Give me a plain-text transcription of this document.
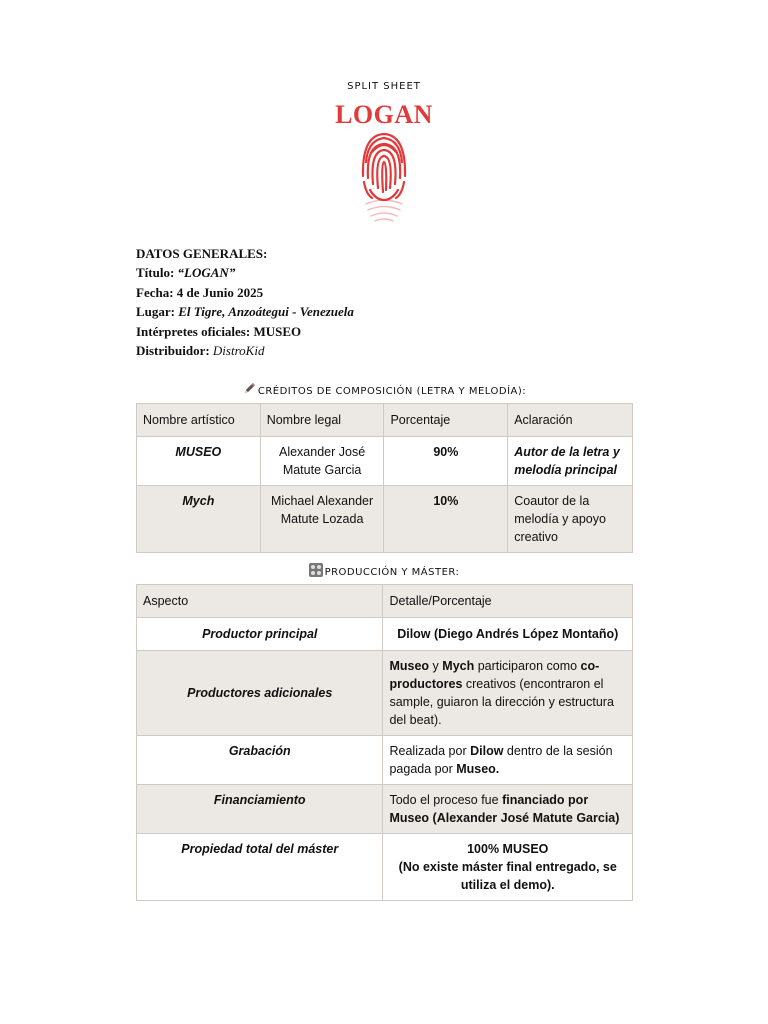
SPLIT SHEET
LOGAN
DATOS GENERALES:
Título: “LOGAN”
Fecha: 4 de Junio 2025
Lugar: El Tigre, Anzoátegui - Venezuela
Intérpretes oficiales: MUSEO
Distribuidor: DistroKid
CRÉDITOS DE COMPOSICIÓN (LETRA Y MELODÍA):
Nombre artístico	Nombre legal	Porcentaje	Aclaración
MUSEO	Alexander José Matute Garcia	90%	Autor de la letra y melodía principal
Mych	Michael Alexander Matute Lozada	10%	Coautor de la melodía y apoyo creativo
PRODUCCIÓN Y MÁSTER:
Aspecto	Detalle/Porcentaje
Productor principal	Dilow (Diego Andrés López Montaño)
Productores adicionales	Museo y Mych participaron como co-productores creativos (encontraron el sample, guiaron la dirección y estructura del beat).
Grabación	Realizada por Dilow dentro de la sesión pagada por Museo.
Financiamiento	Todo el proceso fue financiado por Museo (Alexander José Matute Garcia)
Propiedad total del máster	100% MUSEO
(No existe máster final entregado, se utiliza el demo).
